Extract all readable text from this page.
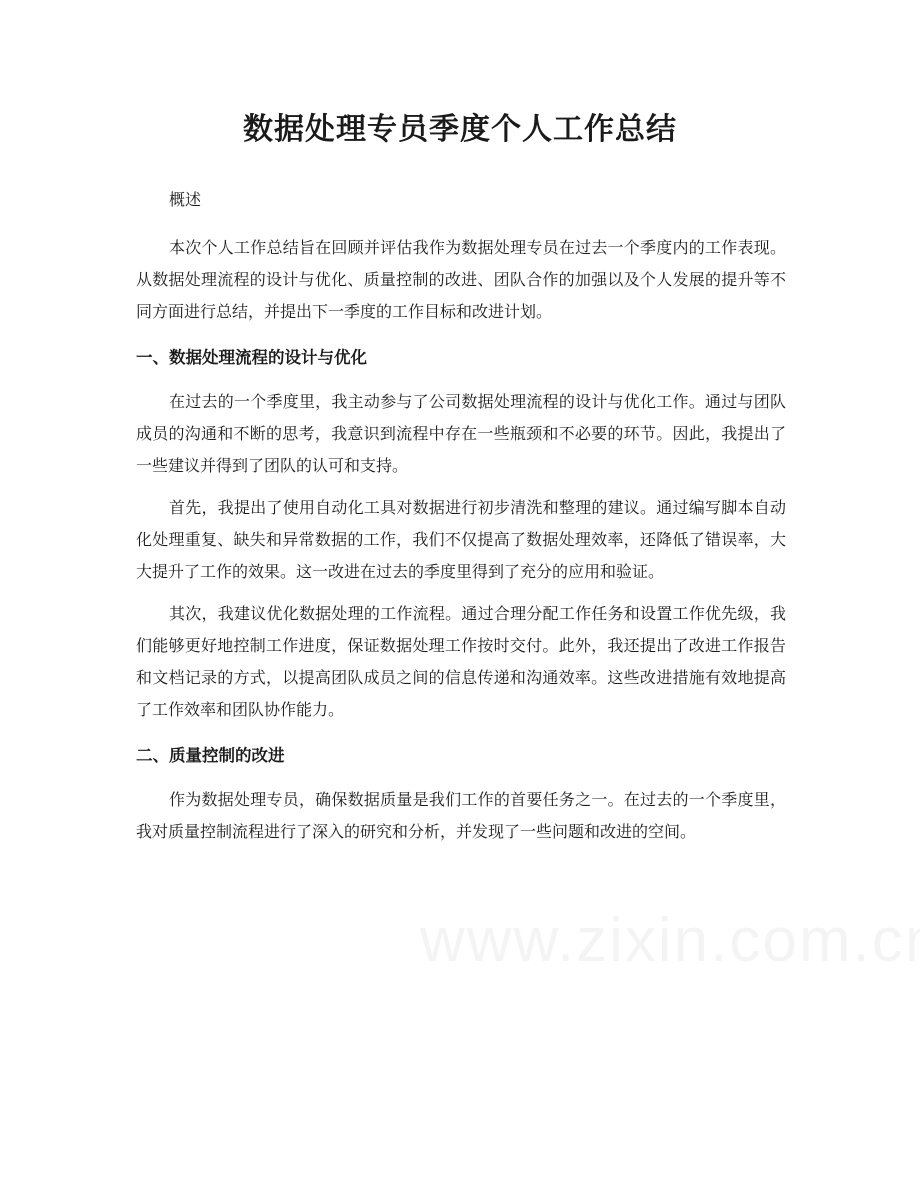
数据处理专员季度个人工作总结

概述

本次个人工作总结旨在回顾并评估我作为数据处理专员在过去一个季度内的工作表现。从数据处理流程的设计与优化、质量控制的改进、团队合作的加强以及个人发展的提升等不同方面进行总结，并提出下一季度的工作目标和改进计划。

一、数据处理流程的设计与优化

在过去的一个季度里，我主动参与了公司数据处理流程的设计与优化工作。通过与团队成员的沟通和不断的思考，我意识到流程中存在一些瓶颈和不必要的环节。因此，我提出了一些建议并得到了团队的认可和支持。

首先，我提出了使用自动化工具对数据进行初步清洗和整理的建议。通过编写脚本自动化处理重复、缺失和异常数据的工作，我们不仅提高了数据处理效率，还降低了错误率，大大提升了工作的效果。这一改进在过去的季度里得到了充分的应用和验证。

其次，我建议优化数据处理的工作流程。通过合理分配工作任务和设置工作优先级，我们能够更好地控制工作进度，保证数据处理工作按时交付。此外，我还提出了改进工作报告和文档记录的方式，以提高团队成员之间的信息传递和沟通效率。这些改进措施有效地提高了工作效率和团队协作能力。

二、质量控制的改进

作为数据处理专员，确保数据质量是我们工作的首要任务之一。在过去的一个季度里，我对质量控制流程进行了深入的研究和分析，并发现了一些问题和改进的空间。
